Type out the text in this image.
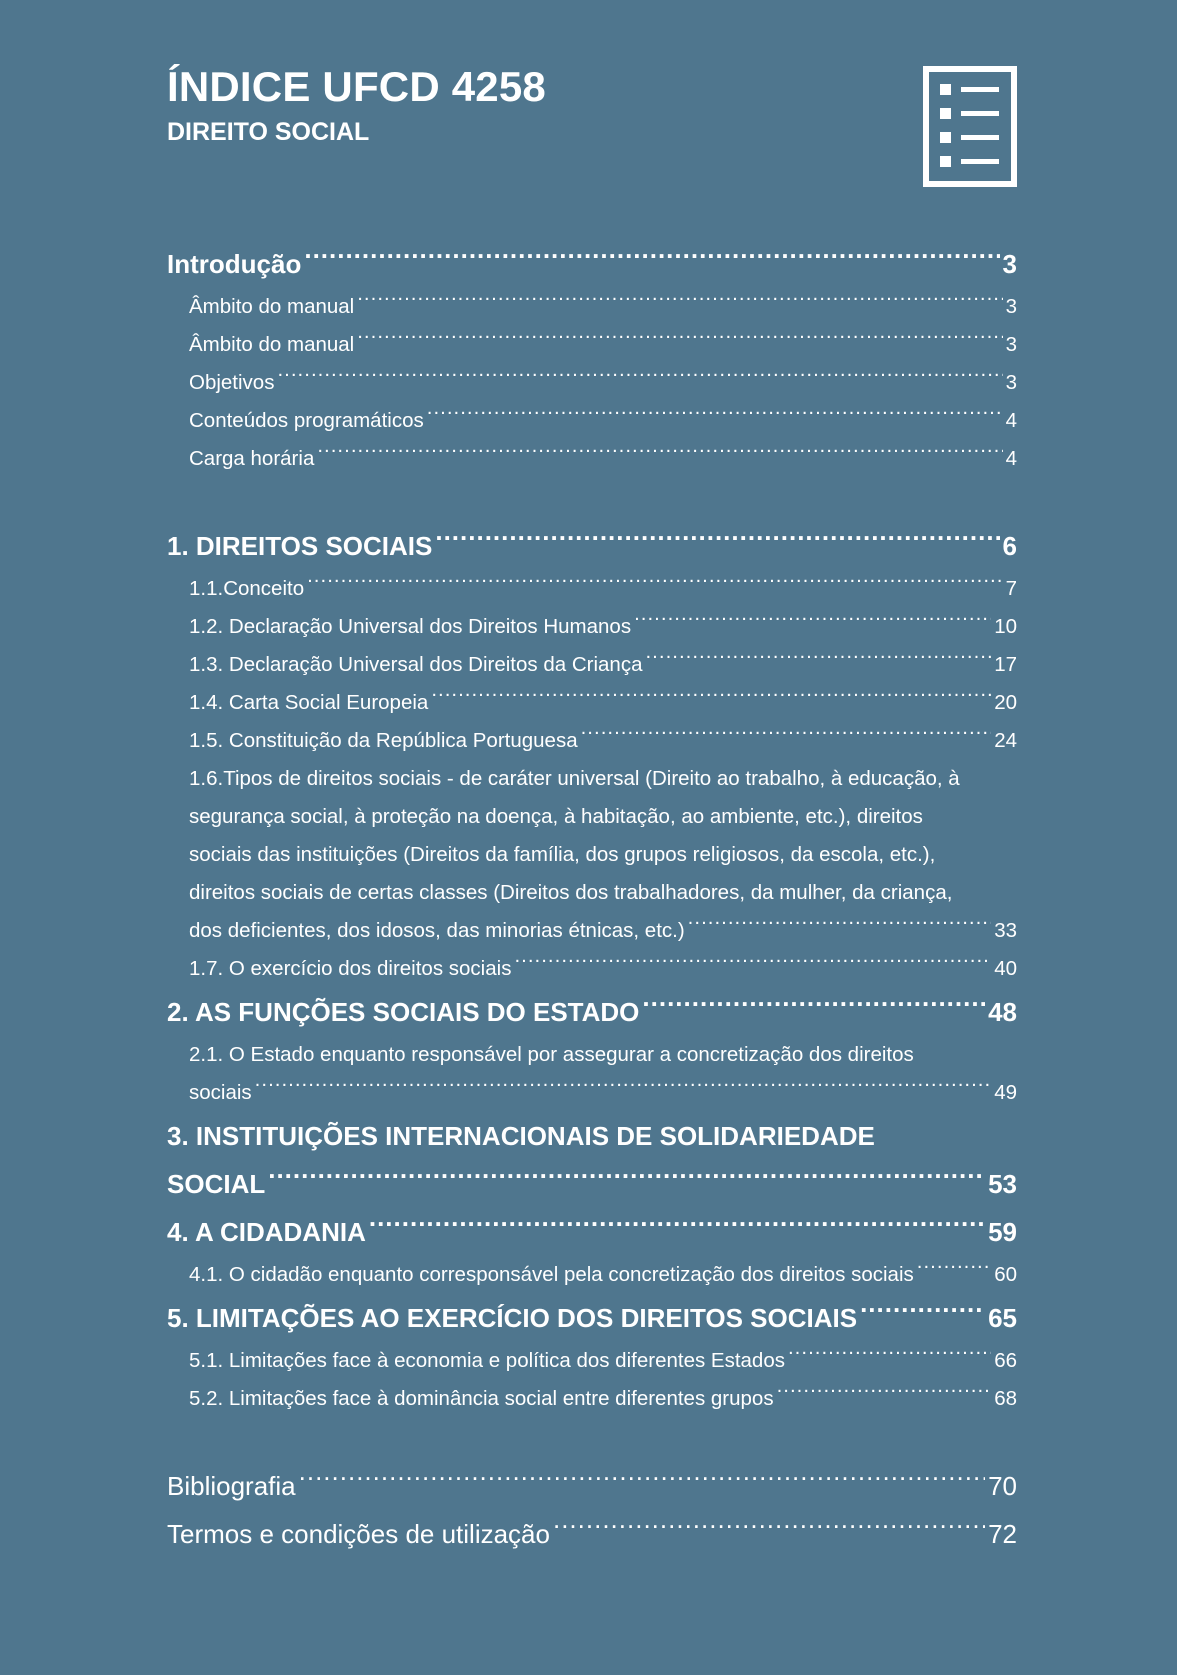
ÍNDICE UFCD 4258
DIREITO SOCIAL
Introdução .....	3
Âmbito do manual .....	3
Âmbito do manual .....	3
Objetivos .....	3
Conteúdos programáticos .....	4
Carga horária .....	4
1. DIREITOS SOCIAIS .....	6
1.1.Conceito .....	7
1.2. Declaração Universal dos Direitos Humanos .....	10
1.3. Declaração Universal dos Direitos da Criança .....	17
1.4. Carta Social Europeia .....	20
1.5. Constituição da República Portuguesa .....	24
1.6.Tipos de direitos sociais - de caráter universal (Direito ao trabalho, à educação, à
segurança social, à proteção na doença, à habitação, ao ambiente, etc.), direitos
sociais das instituições (Direitos da família, dos grupos religiosos, da escola, etc.),
direitos sociais de certas classes (Direitos dos trabalhadores, da mulher, da criança,
dos deficientes, dos idosos, das minorias étnicas, etc.) .....	33
1.7. O exercício dos direitos sociais .....	40
2. AS FUNÇÕES SOCIAIS DO ESTADO .....	48
2.1. O Estado enquanto responsável por assegurar a concretização dos direitos
sociais .....	49
3. INSTITUIÇÕES INTERNACIONAIS DE SOLIDARIEDADE
SOCIAL .....	53
4. A CIDADANIA .....	59
4.1. O cidadão enquanto corresponsável pela concretização dos direitos sociais .....	60
5. LIMITAÇÕES AO EXERCÍCIO DOS DIREITOS SOCIAIS .....	65
5.1. Limitações face à economia e política dos diferentes Estados .....	66
5.2. Limitações face à dominância social entre diferentes grupos .....	68
Bibliografia .....	70
Termos e condições de utilização .....	72
